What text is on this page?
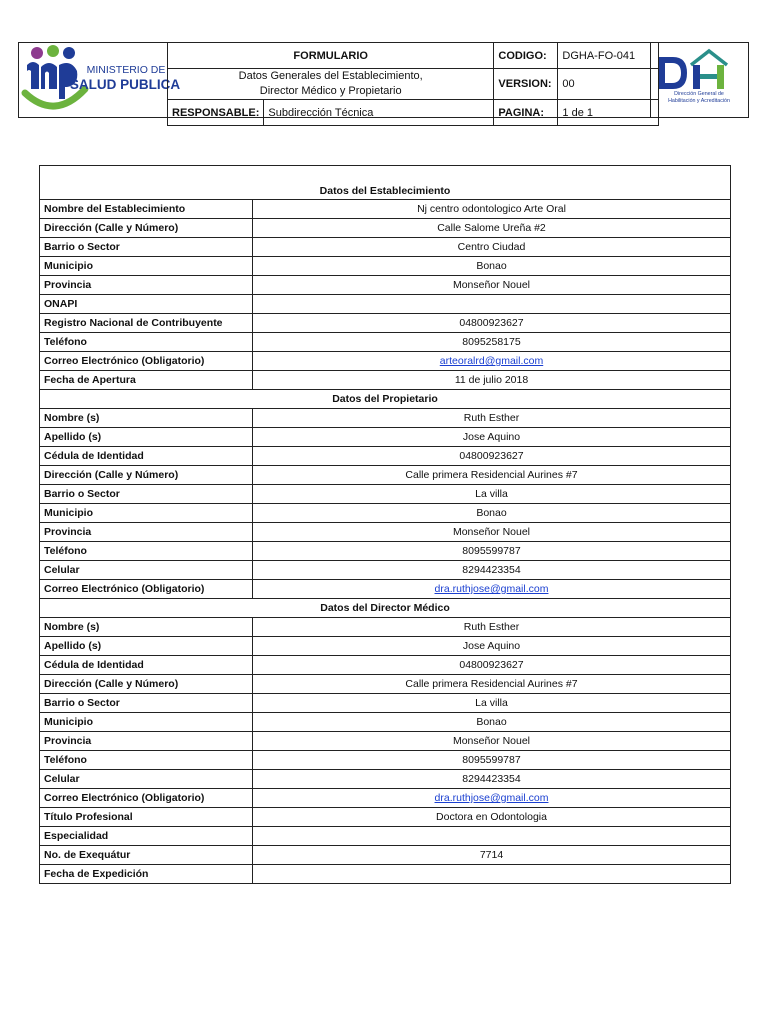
MINISTERIO DE
SALUD PUBLICA
FORMULARIO		CODIGO:	DGHA-FO-041
Datos Generales del Establecimiento,
Director Médico y Propietario		VERSION:	00
RESPONSABLE:	Subdirección Técnica	PAGINA:	1 de 1
Dirección General de
Habilitación y Acreditación
Datos del Establecimiento	
Nombre del Establecimiento	Nj centro odontologico Arte Oral
Dirección (Calle y Número)	Calle Salome Ureña #2
Barrio o Sector	Centro Ciudad
Municipio	Bonao
Provincia	Monseñor Nouel
ONAPI	
Registro Nacional de Contribuyente	04800923627
Teléfono	8095258175
Correo Electrónico (Obligatorio)	arteoralrd@gmail.com
Fecha de Apertura	11 de julio 2018
Datos del Propietario	
Nombre (s)	Ruth Esther
Apellido (s)	Jose Aquino
Cédula de Identidad	04800923627
Dirección (Calle y Número)	Calle primera Residencial Aurines #7
Barrio o Sector	La villa
Municipio	Bonao
Provincia	Monseñor Nouel
Teléfono	8095599787
Celular	8294423354
Correo Electrónico (Obligatorio)	dra.ruthjose@gmail.com
Datos del Director Médico	
Nombre (s)	Ruth Esther
Apellido (s)	Jose Aquino
Cédula de Identidad	04800923627
Dirección (Calle y Número)	Calle primera Residencial Aurines #7
Barrio o Sector	La villa
Municipio	Bonao
Provincia	Monseñor Nouel
Teléfono	8095599787
Celular	8294423354
Correo Electrónico (Obligatorio)	dra.ruthjose@gmail.com
Título Profesional	Doctora en Odontologia
Especialidad	
No. de Exequátur	7714
Fecha de Expedición	
